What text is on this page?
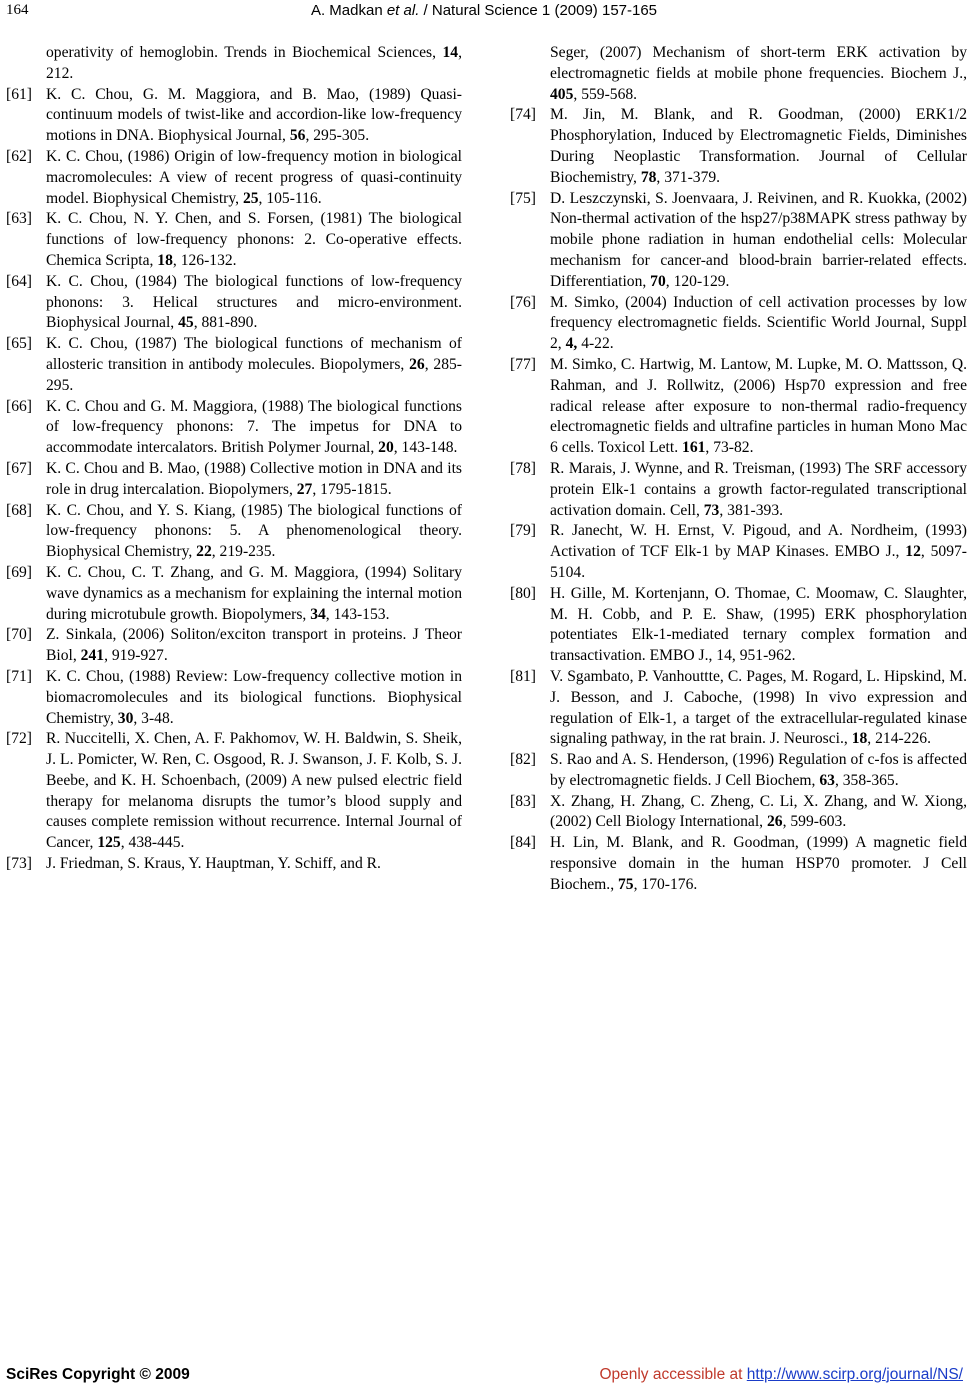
164	A. Madkan et al. / Natural Science 1 (2009) 157-165
operativity of hemoglobin. Trends in Biochemical Sciences, 14, 212.
[61] K. C. Chou, G. M. Maggiora, and B. Mao, (1989) Quasi-continuum models of twist-like and accordion-like low-frequency motions in DNA. Biophysical Journal, 56, 295-305.
[62] K. C. Chou, (1986) Origin of low-frequency motion in biological macromolecules: A view of recent progress of quasi-continuity model. Biophysical Chemistry, 25, 105-116.
[63] K. C. Chou, N. Y. Chen, and S. Forsen, (1981) The biological functions of low-frequency phonons: 2. Co-operative effects. Chemica Scripta, 18, 126-132.
[64] K. C. Chou, (1984) The biological functions of low-frequency phonons: 3. Helical structures and micro-environment. Biophysical Journal, 45, 881-890.
[65] K. C. Chou, (1987) The biological functions of mechanism of allosteric transition in antibody molecules. Biopolymers, 26, 285-295.
[66] K. C. Chou and G. M. Maggiora, (1988) The biological functions of low-frequency phonons: 7. The impetus for DNA to accommodate intercalators. British Polymer Journal, 20, 143-148.
[67] K. C. Chou and B. Mao, (1988) Collective motion in DNA and its role in drug intercalation. Biopolymers, 27, 1795-1815.
[68] K. C. Chou, and Y. S. Kiang, (1985) The biological functions of low-frequency phonons: 5. A phenomenological theory. Biophysical Chemistry, 22, 219-235.
[69] K. C. Chou, C. T. Zhang, and G. M. Maggiora, (1994) Solitary wave dynamics as a mechanism for explaining the internal motion during microtubule growth. Biopolymers, 34, 143-153.
[70] Z. Sinkala, (2006) Soliton/exciton transport in proteins. J Theor Biol, 241, 919-927.
[71] K. C. Chou, (1988) Review: Low-frequency collective motion in biomacromolecules and its biological functions. Biophysical Chemistry, 30, 3-48.
[72] R. Nuccitelli, X. Chen, A. F. Pakhomov, W. H. Baldwin, S. Sheik, J. L. Pomicter, W. Ren, C. Osgood, R. J. Swanson, J. F. Kolb, S. J. Beebe, and K. H. Schoenbach, (2009) A new pulsed electric field therapy for melanoma disrupts the tumor’s blood supply and causes complete remission without recurrence. Internal Journal of Cancer, 125, 438-445.
[73] J. Friedman, S. Kraus, Y. Hauptman, Y. Schiff, and R.
Seger, (2007) Mechanism of short-term ERK activation by electromagnetic fields at mobile phone frequencies. Biochem J., 405, 559-568.
[74] M. Jin, M. Blank, and R. Goodman, (2000) ERK1/2 Phosphorylation, Induced by Electromagnetic Fields, Diminishes During Neoplastic Transformation. Journal of Cellular Biochemistry, 78, 371-379.
[75] D. Leszczynski, S. Joenvaara, J. Reivinen, and R. Kuokka, (2002) Non-thermal activation of the hsp27/p38MAPK stress pathway by mobile phone radiation in human endothelial cells: Molecular mechanism for cancer-and blood-brain barrier-related effects. Differentiation, 70, 120-129.
[76] M. Simko, (2004) Induction of cell activation processes by low frequency electromagnetic fields. Scientific World Journal, Suppl 2, 4, 4-22.
[77] M. Simko, C. Hartwig, M. Lantow, M. Lupke, M. O. Mattsson, Q. Rahman, and J. Rollwitz, (2006) Hsp70 expression and free radical release after exposure to non-thermal radio-frequency electromagnetic fields and ultrafine particles in human Mono Mac 6 cells. Toxicol Lett. 161, 73-82.
[78] R. Marais, J. Wynne, and R. Treisman, (1993) The SRF accessory protein Elk-1 contains a growth factor-regulated transcriptional activation domain. Cell, 73, 381-393.
[79] R. Janecht, W. H. Ernst, V. Pigoud, and A. Nordheim, (1993) Activation of TCF Elk-1 by MAP Kinases. EMBO J., 12, 5097-5104.
[80] H. Gille, M. Kortenjann, O. Thomae, C. Moomaw, C. Slaughter, M. H. Cobb, and P. E. Shaw, (1995) ERK phosphorylation potentiates Elk-1-mediated ternary complex formation and transactivation. EMBO J., 14, 951-962.
[81] V. Sgambato, P. Vanhouttte, C. Pages, M. Rogard, L. Hipskind, M. J. Besson, and J. Caboche, (1998) In vivo expression and regulation of Elk-1, a target of the extracellular-regulated kinase signaling pathway, in the rat brain. J. Neurosci., 18, 214-226.
[82] S. Rao and A. S. Henderson, (1996) Regulation of c-fos is affected by electromagnetic fields. J Cell Biochem, 63, 358-365.
[83] X. Zhang, H. Zhang, C. Zheng, C. Li, X. Zhang, and W. Xiong, (2002) Cell Biology International, 26, 599-603.
[84] H. Lin, M. Blank, and R. Goodman, (1999) A magnetic field responsive domain in the human HSP70 promoter. J Cell Biochem., 75, 170-176.
SciRes Copyright © 2009	Openly accessible at http://www.scirp.org/journal/NS/
